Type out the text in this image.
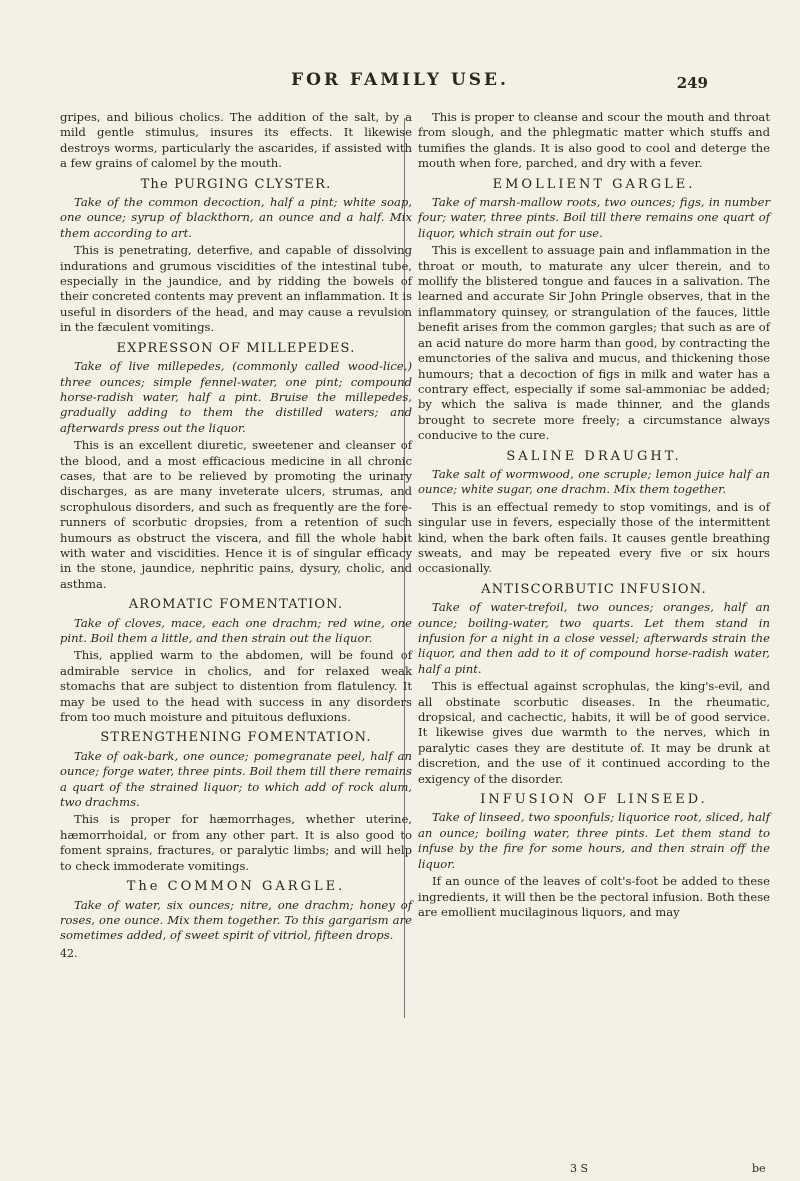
FOR FAMILY USE.	249

gripes, and bilious cholics. The addition of the salt, by a mild gentle stimulus, insures its effects. It likewise destroys worms, particularly the ascarides, if assisted with a few grains of calomel by the mouth.

The PURGING CLYSTER.

Take of the common decoction, half a pint; white soap, one ounce; syrup of blackthorn, an ounce and a half. Mix them according to art.

This is penetrating, deterfive, and capable of dissolving indurations and grumous viscidities of the intestinal tube, especially in the jaundice, and by ridding the bowels of their concreted contents may prevent an inflammation. It is useful in disorders of the head, and may cause a revulsion in the fæculent vomitings.

EXPRESSON OF MILLEPEDES.

Take of live millepedes, (commonly called wood-lice,) three ounces; simple fennel-water, one pint; compound horse-radish water, half a pint. Bruise the millepedes, gradually adding to them the distilled waters; and afterwards press out the liquor.

This is an excellent diuretic, sweetener and cleanser of the blood, and a most efficacious medicine in all chronic cases, that are to be relieved by promoting the urinary discharges, as are many inveterate ulcers, strumas, and scrophulous disorders, and such as frequently are the fore-runners of scorbutic dropsies, from a retention of such humours as obstruct the viscera, and fill the whole habit with water and viscidities. Hence it is of singular efficacy in the stone, jaundice, nephritic pains, dysury, cholic, and asthma.

AROMATIC FOMENTATION.

Take of cloves, mace, each one drachm; red wine, one pint. Boil them a little, and then strain out the liquor.

This, applied warm to the abdomen, will be found of admirable service in cholics, and for relaxed weak stomachs that are subject to distention from flatulency. It may be used to the head with success in any disorders from too much moisture and pituitous defluxions.

STRENGTHENING FOMENTATION.

Take of oak-bark, one ounce; pomegranate peel, half an ounce; forge water, three pints. Boil them till there remains a quart of the strained liquor; to which add of rock alum, two drachms.

This is proper for hæmorrhages, whether uterine, hæmorrhoidal, or from any other part. It is also good to foment sprains, fractures, or paralytic limbs; and will help to check immoderate vomitings.

The COMMON GARGLE.

Take of water, six ounces; nitre, one drachm; honey of roses, one ounce. Mix them together. To this gargarism are sometimes added, of sweet spirit of vitriol, fifteen drops.

42.

This is proper to cleanse and scour the mouth and throat from slough, and the phlegmatic matter which stuffs and tumifies the glands. It is also good to cool and deterge the mouth when fore, parched, and dry with a fever.

EMOLLIENT GARGLE.

Take of marsh-mallow roots, two ounces; figs, in number four; water, three pints. Boil till there remains one quart of liquor, which strain out for use.

This is excellent to assuage pain and inflammation in the throat or mouth, to maturate any ulcer therein, and to mollify the blistered tongue and fauces in a salivation. The learned and accurate Sir John Pringle observes, that in the inflammatory quinsey, or strangulation of the fauces, little benefit arises from the common gargles; that such as are of an acid nature do more harm than good, by contracting the emunctories of the saliva and mucus, and thickening those humours; that a decoction of figs in milk and water has a contrary effect, especially if some sal-ammoniac be added; by which the saliva is made thinner, and the glands brought to secrete more freely; a circumstance always conducive to the cure.

SALINE DRAUGHT.

Take salt of wormwood, one scruple; lemon juice half an ounce; white sugar, one drachm. Mix them together.

This is an effectual remedy to stop vomitings, and is of singular use in fevers, especially those of the intermittent kind, when the bark often fails. It causes gentle breathing sweats, and may be repeated every five or six hours occasionally.

ANTISCORBUTIC INFUSION.

Take of water-trefoil, two ounces; oranges, half an ounce; boiling-water, two quarts. Let them stand in infusion for a night in a close vessel; afterwards strain the liquor, and then add to it of compound horse-radish water, half a pint.

This is effectual against scrophulas, the king's-evil, and all obstinate scorbutic diseases. In the rheumatic, dropsical, and cachectic, habits, it will be of good service. It likewise gives due warmth to the nerves, which in paralytic cases they are destitute of. It may be drunk at discretion, and the use of it continued according to the exigency of the disorder.

INFUSION OF LINSEED.

Take of linseed, two spoonfuls; liquorice root, sliced, half an ounce; boiling water, three pints. Let them stand to infuse by the fire for some hours, and then strain off the liquor.

If an ounce of the leaves of colt's-foot be added to these ingredients, it will then be the pectoral infusion. Both these are emollient mucilaginous liquors, and may

3 S	be
